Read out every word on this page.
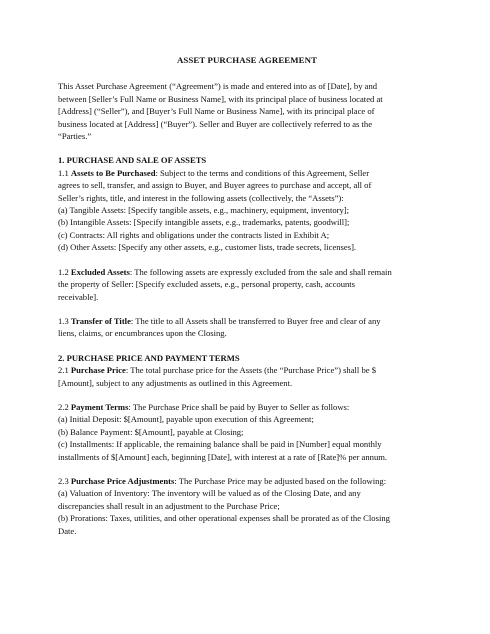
ASSET PURCHASE AGREEMENT

This Asset Purchase Agreement (“Agreement”) is made and entered into as of [Date], by and
between [Seller’s Full Name or Business Name], with its principal place of business located at
[Address] (“Seller”), and [Buyer’s Full Name or Business Name], with its principal place of
business located at [Address] (“Buyer”). Seller and Buyer are collectively referred to as the
“Parties.”

1. PURCHASE AND SALE OF ASSETS

1.1 Assets to Be Purchased: Subject to the terms and conditions of this Agreement, Seller
agrees to sell, transfer, and assign to Buyer, and Buyer agrees to purchase and accept, all of
Seller’s rights, title, and interest in the following assets (collectively, the “Assets”):
(a) Tangible Assets: [Specify tangible assets, e.g., machinery, equipment, inventory];
(b) Intangible Assets: [Specify intangible assets, e.g., trademarks, patents, goodwill];
(c) Contracts: All rights and obligations under the contracts listed in Exhibit A;
(d) Other Assets: [Specify any other assets, e.g., customer lists, trade secrets, licenses].
1.2 Excluded Assets: The following assets are expressly excluded from the sale and shall remain
the property of Seller: [Specify excluded assets, e.g., personal property, cash, accounts
receivable].
1.3 Transfer of Title: The title to all Assets shall be transferred to Buyer free and clear of any
liens, claims, or encumbrances upon the Closing.

2. PURCHASE PRICE AND PAYMENT TERMS

2.1 Purchase Price: The total purchase price for the Assets (the “Purchase Price”) shall be $
[Amount], subject to any adjustments as outlined in this Agreement.
2.2 Payment Terms: The Purchase Price shall be paid by Buyer to Seller as follows:
(a) Initial Deposit: $[Amount], payable upon execution of this Agreement;
(b) Balance Payment: $[Amount], payable at Closing;
(c) Installments: If applicable, the remaining balance shall be paid in [Number] equal monthly
installments of $[Amount] each, beginning [Date], with interest at a rate of [Rate]% per annum.
2.3 Purchase Price Adjustments: The Purchase Price may be adjusted based on the following:
(a) Valuation of Inventory: The inventory will be valued as of the Closing Date, and any
discrepancies shall result in an adjustment to the Purchase Price;
(b) Prorations: Taxes, utilities, and other operational expenses shall be prorated as of the Closing
Date.
